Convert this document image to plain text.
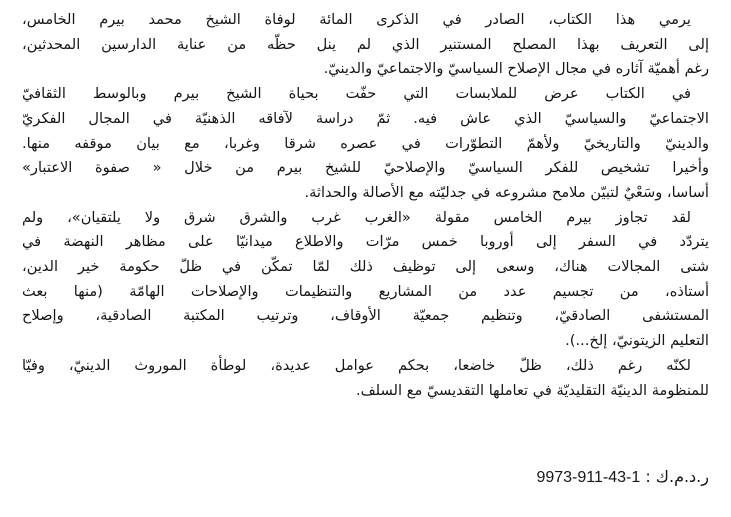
يرمي هذا الكتاب، الصادر في الذكرى المائة لوفاة الشيخ محمد بيرم الخامس،
إلى التعريف بهذا المصلح المستنير الذي لم ينل حظّه من عناية الدارسين المحدثين،
رغم أهميّة آثاره في مجال الإصلاح السياسيّ والاجتماعيّ والدينيّ.

في الكتاب عرض للملابسات التي حفّت بحياة الشيخ بيرم وبالوسط الثقافيّ
الاجتماعيّ والسياسيّ الذي عاش فيه. ثمّ دراسة لآفاقه الذهنيّة في المجال الفكريّ
والدينيّ والتاريخيّ ولأهمّ التطوّرات في عصره شرقا وغربا، مع بيان موقفه منها.
وأخيرا تشخيص للفكر السياسيّ والإصلاحيّ للشيخ بيرم من خلال « صفوة الاعتبار»
أساسا، وسَعْيٌ لتبيّن ملامح مشروعه في جدليّته مع الأصالة والحداثة.

لقد تجاوز بيرم الخامس مقولة «الغرب غرب والشرق شرق ولا يلتقيان»، ولم
يتردّد في السفر إلى أوروبا خمس مرّات والاطلاع ميدانيّا على مظاهر النهضة في
شتى المجالات هناك، وسعى إلى توظيف ذلك لمّا تمكّن في ظلّ حكومة خير الدين،
أستاذه، من تجسيم عدد من المشاريع والتنظيمات والإصلاحات الهامّة (منها بعث
المستشفى الصادقيّ، وتنظيم جمعيّة الأوقاف، وترتيب المكتبة الصادقية، وإصلاح
التعليم الزيتونيّ، إلخ...).

لكنّه رغم ذلك، ظلّ خاضعا، بحكم عوامل عديدة، لوطأة الموروث الدينيّ، وفيّا
للمنظومة الدينيّة التقليديّة في تعاملها التقديسيّ مع السلف.

ر.د.م.ك : 9973-911-43-1
